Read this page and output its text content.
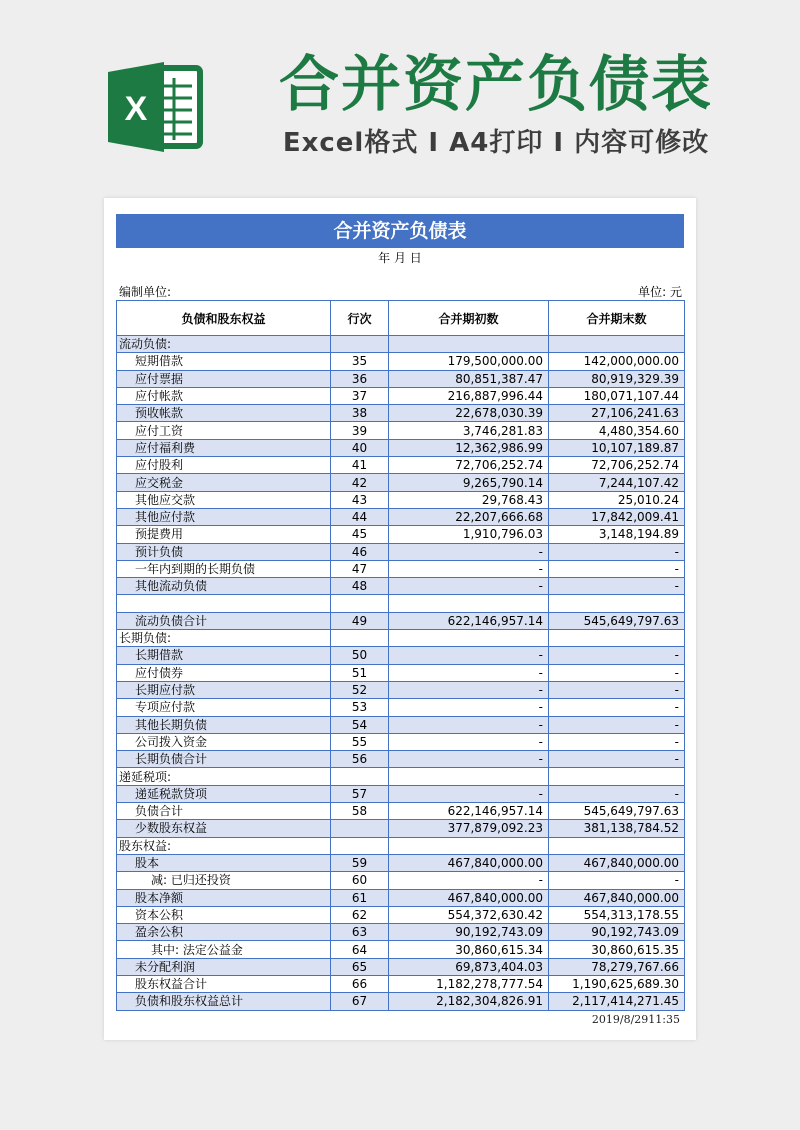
X	合并资产负债表
Excel格式 I A4打印 I 内容可修改
合并资产负债表
年 月 日
编制单位:	单位: 元
负债和股东权益	行次	合并期初数	合并期末数
流动负债:			
短期借款	35	179,500,000.00	142,000,000.00
应付票据	36	80,851,387.47	80,919,329.39
应付帐款	37	216,887,996.44	180,071,107.44
预收帐款	38	22,678,030.39	27,106,241.63
应付工资	39	3,746,281.83	4,480,354.60
应付福利费	40	12,362,986.99	10,107,189.87
应付股利	41	72,706,252.74	72,706,252.74
应交税金	42	9,265,790.14	7,244,107.42
其他应交款	43	29,768.43	25,010.24
其他应付款	44	22,207,666.68	17,842,009.41
预提费用	45	1,910,796.03	3,148,194.89
预计负债	46	-	-
一年内到期的长期负债	47	-	-
其他流动负债	48	-	-

流动负债合计	49	622,146,957.14	545,649,797.63
长期负债:			
长期借款	50	-	-
应付债券	51	-	-
长期应付款	52	-	-
专项应付款	53	-	-
其他长期负债	54	-	-
公司拨入资金	55	-	-
长期负债合计	56	-	-
递延税项:			
递延税款贷项	57	-	-
负债合计	58	622,146,957.14	545,649,797.63
少数股东权益		377,879,092.23	381,138,784.52
股东权益:			
股本	59	467,840,000.00	467,840,000.00
减: 已归还投资	60	-	-
股本净额	61	467,840,000.00	467,840,000.00
资本公积	62	554,372,630.42	554,313,178.55
盈余公积	63	90,192,743.09	90,192,743.09
其中: 法定公益金	64	30,860,615.34	30,860,615.35
未分配利润	65	69,873,404.03	78,279,767.66
股东权益合计	66	1,182,278,777.54	1,190,625,689.30
负债和股东权益总计	67	2,182,304,826.91	2,117,414,271.45
2019/8/2911:35
